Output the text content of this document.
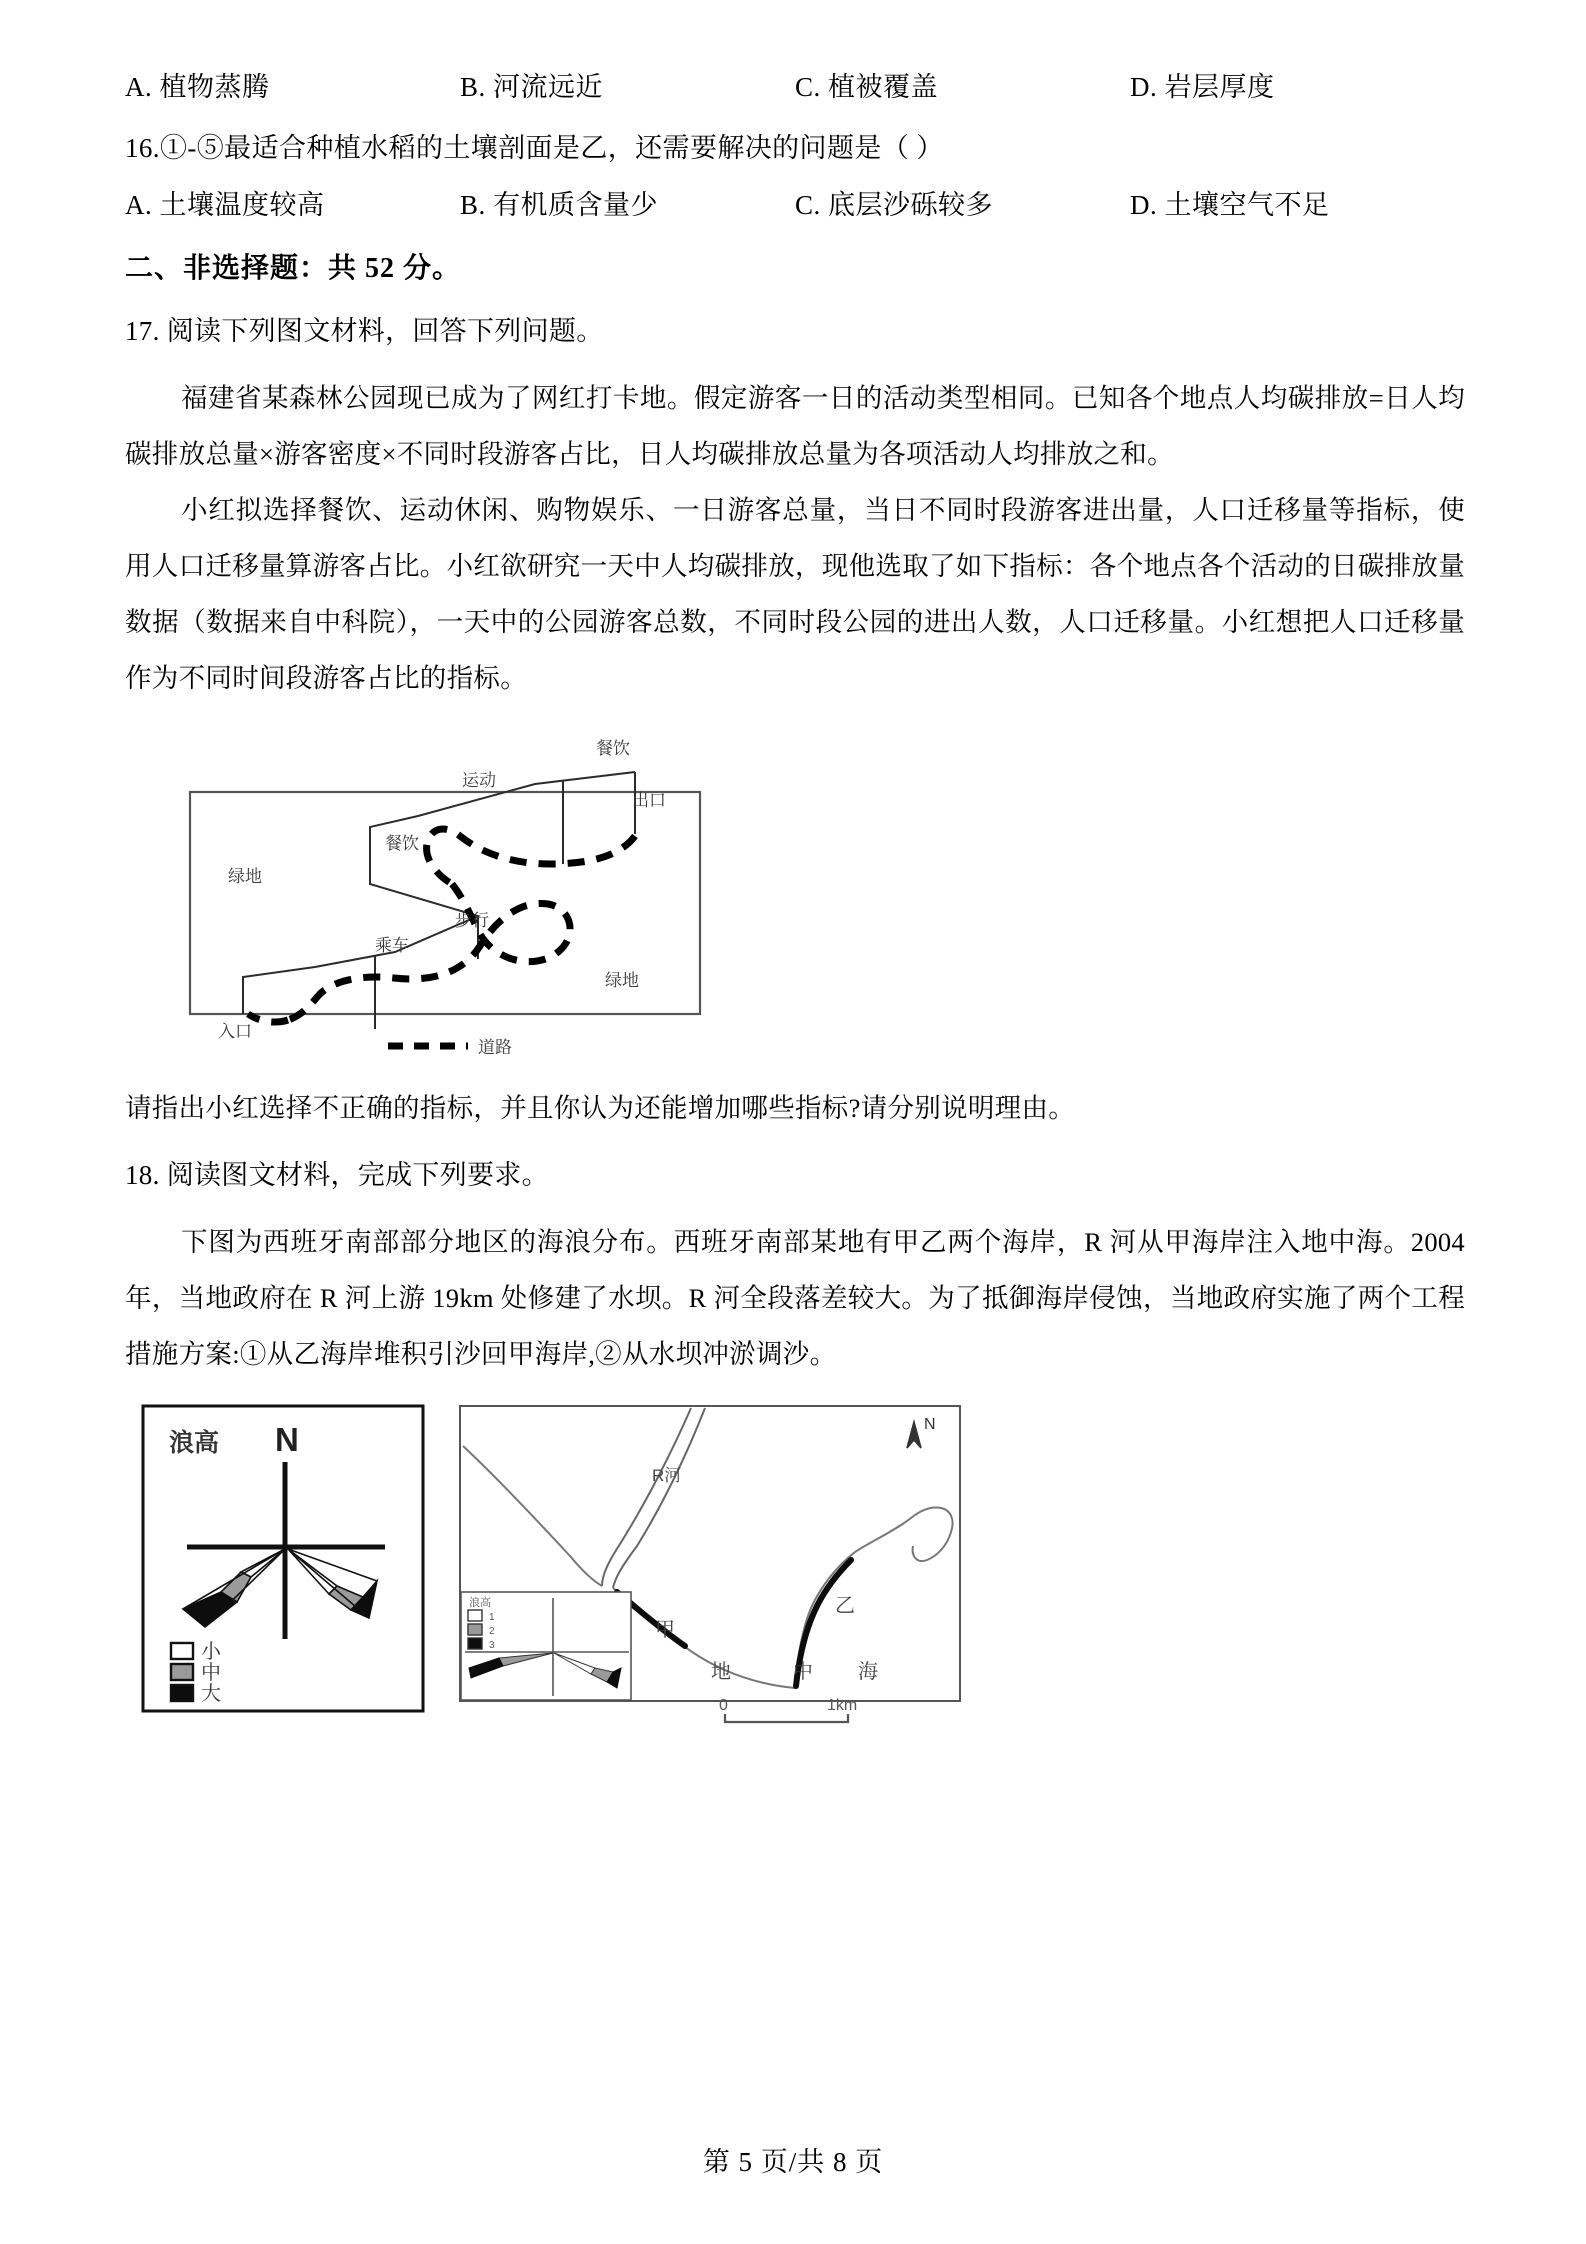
A. 植物蒸腾	B. 河流远近	C. 植被覆盖	D. 岩层厚度
16.①-⑤最适合种植水稻的土壤剖面是乙，还需要解决的问题是（ ）
A. 土壤温度较高	B. 有机质含量少	C. 底层沙砾较多	D. 土壤空气不足
二、非选择题：共 52 分。
17. 阅读下列图文材料，回答下列问题。

福建省某森林公园现已成为了网红打卡地。假定游客一日的活动类型相同。已知各个地点人均碳排放=日人均碳排放总量×游客密度×不同时段游客占比，日人均碳排放总量为各项活动人均排放之和。

小红拟选择餐饮、运动休闲、购物娱乐、一日游客总量，当日不同时段游客进出量，人口迁移量等指标，使用人口迁移量算游客占比。小红欲研究一天中人均碳排放，现他选取了如下指标：各个地点各个活动的日碳排放量数据（数据来自中科院），一天中的公园游客总数，不同时段公园的进出人数，人口迁移量。小红想把人口迁移量作为不同时间段游客占比的指标。

餐饮
运动
出口
餐饮
绿地
乘车
步行
绿地
入口
道路

请指出小红选择不正确的指标，并且你认为还能增加哪些指标?请分别说明理由。

18. 阅读图文材料，完成下列要求。

下图为西班牙南部部分地区的海浪分布。西班牙南部某地有甲乙两个海岸，R 河从甲海岸注入地中海。2004 年，当地政府在 R 河上游 19km 处修建了水坝。R 河全段落差较大。为了抵御海岸侵蚀，当地政府实施了两个工程措施方案:①从乙海岸堆积引沙回甲海岸,②从水坝冲淤调沙。

浪高 N
小
中
大
N
R河
甲
乙
地	中 海
浪高
1
2
3
0	1km
第 5 页/共 8 页
